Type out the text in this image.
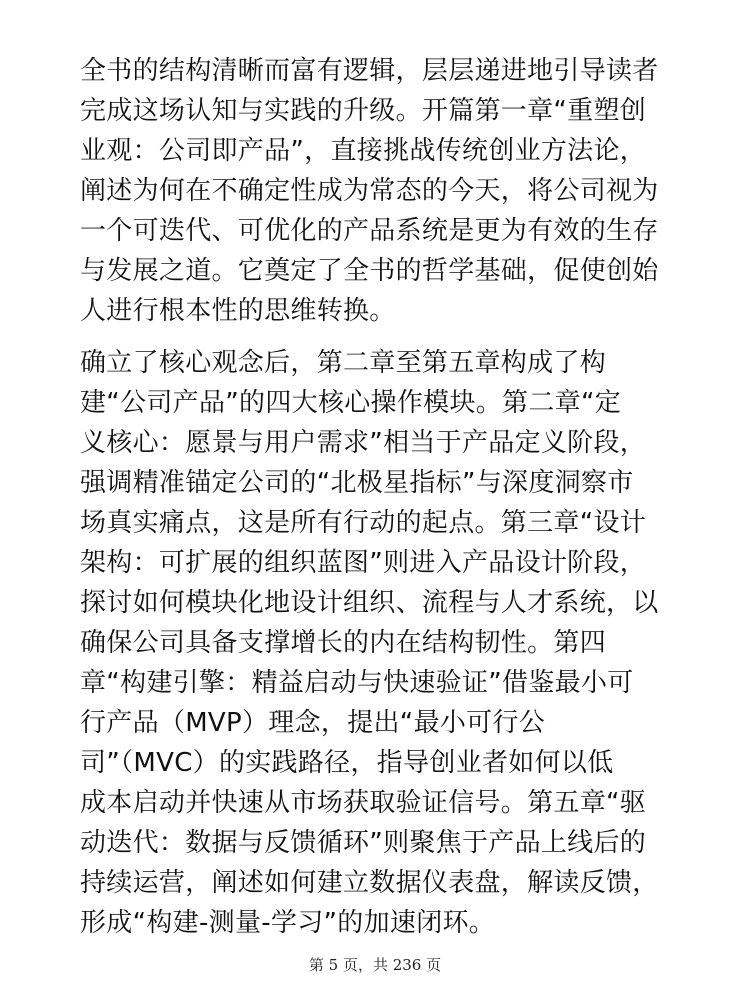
全书的结构清晰而富有逻辑，层层递进地引导读者
完成这场认知与实践的升级。开篇第一章“重塑创
业观：公司即产品”，直接挑战传统创业方法论，
阐述为何在不确定性成为常态的今天，将公司视为
一个可迭代、可优化的产品系统是更为有效的生存
与发展之道。它奠定了全书的哲学基础，促使创始
人进行根本性的思维转换。
确立了核心观念后，第二章至第五章构成了构
建“公司产品”的四大核心操作模块。第二章“定
义核心：愿景与用户需求”相当于产品定义阶段，
强调精准锚定公司的“北极星指标”与深度洞察市
场真实痛点，这是所有行动的起点。第三章“设计
架构：可扩展的组织蓝图”则进入产品设计阶段，
探讨如何模块化地设计组织、流程与人才系统，以
确保公司具备支撑增长的内在结构韧性。第四
章“构建引擎：精益启动与快速验证”借鉴最小可
行产品（MVP）理念，提出“最小可行公
司”（MVC）的实践路径，指导创业者如何以低
成本启动并快速从市场获取验证信号。第五章“驱
动迭代：数据与反馈循环”则聚焦于产品上线后的
持续运营，阐述如何建立数据仪表盘，解读反馈，
形成“构建-测量-学习”的加速闭环。
第 5 页，共 236 页
